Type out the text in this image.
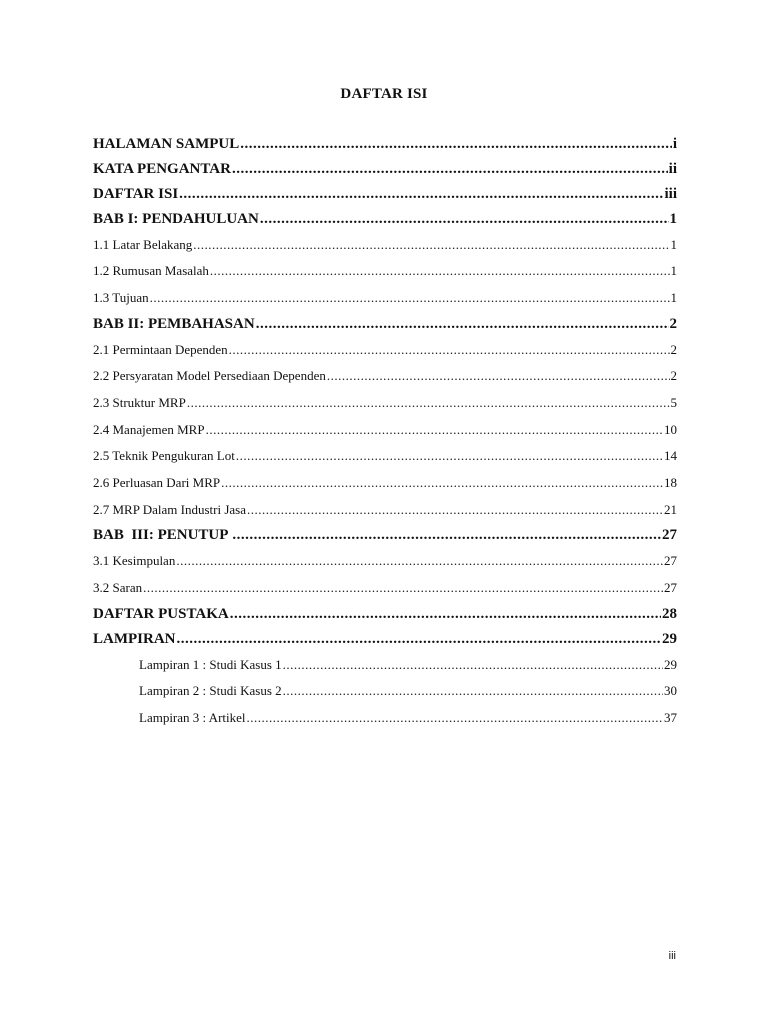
DAFTAR ISI
HALAMAN SAMPUL .....	i
KATA PENGANTAR .....	ii
DAFTAR ISI .....	iii
BAB I: PENDAHULUAN .....	1
1.1 Latar Belakang .....	1
1.2 Rumusan Masalah .....	1
1.3 Tujuan .....	1
BAB II: PEMBAHASAN .....	2
2.1 Permintaan Dependen .....	2
2.2 Persyaratan Model Persediaan Dependen .....	2
2.3 Struktur MRP .....	5
2.4 Manajemen MRP .....	10
2.5 Teknik Pengukuran Lot .....	14
2.6 Perluasan Dari MRP .....	18
2.7 MRP Dalam Industri Jasa .....	21
BAB  III: PENUTUP .....	27
3.1 Kesimpulan .....	27
3.2 Saran .....	27
DAFTAR PUSTAKA .....	28
LAMPIRAN .....	29
Lampiran 1 : Studi Kasus 1 .....	29
Lampiran 2 : Studi Kasus 2 .....	30
Lampiran 3 : Artikel .....	37
iii
